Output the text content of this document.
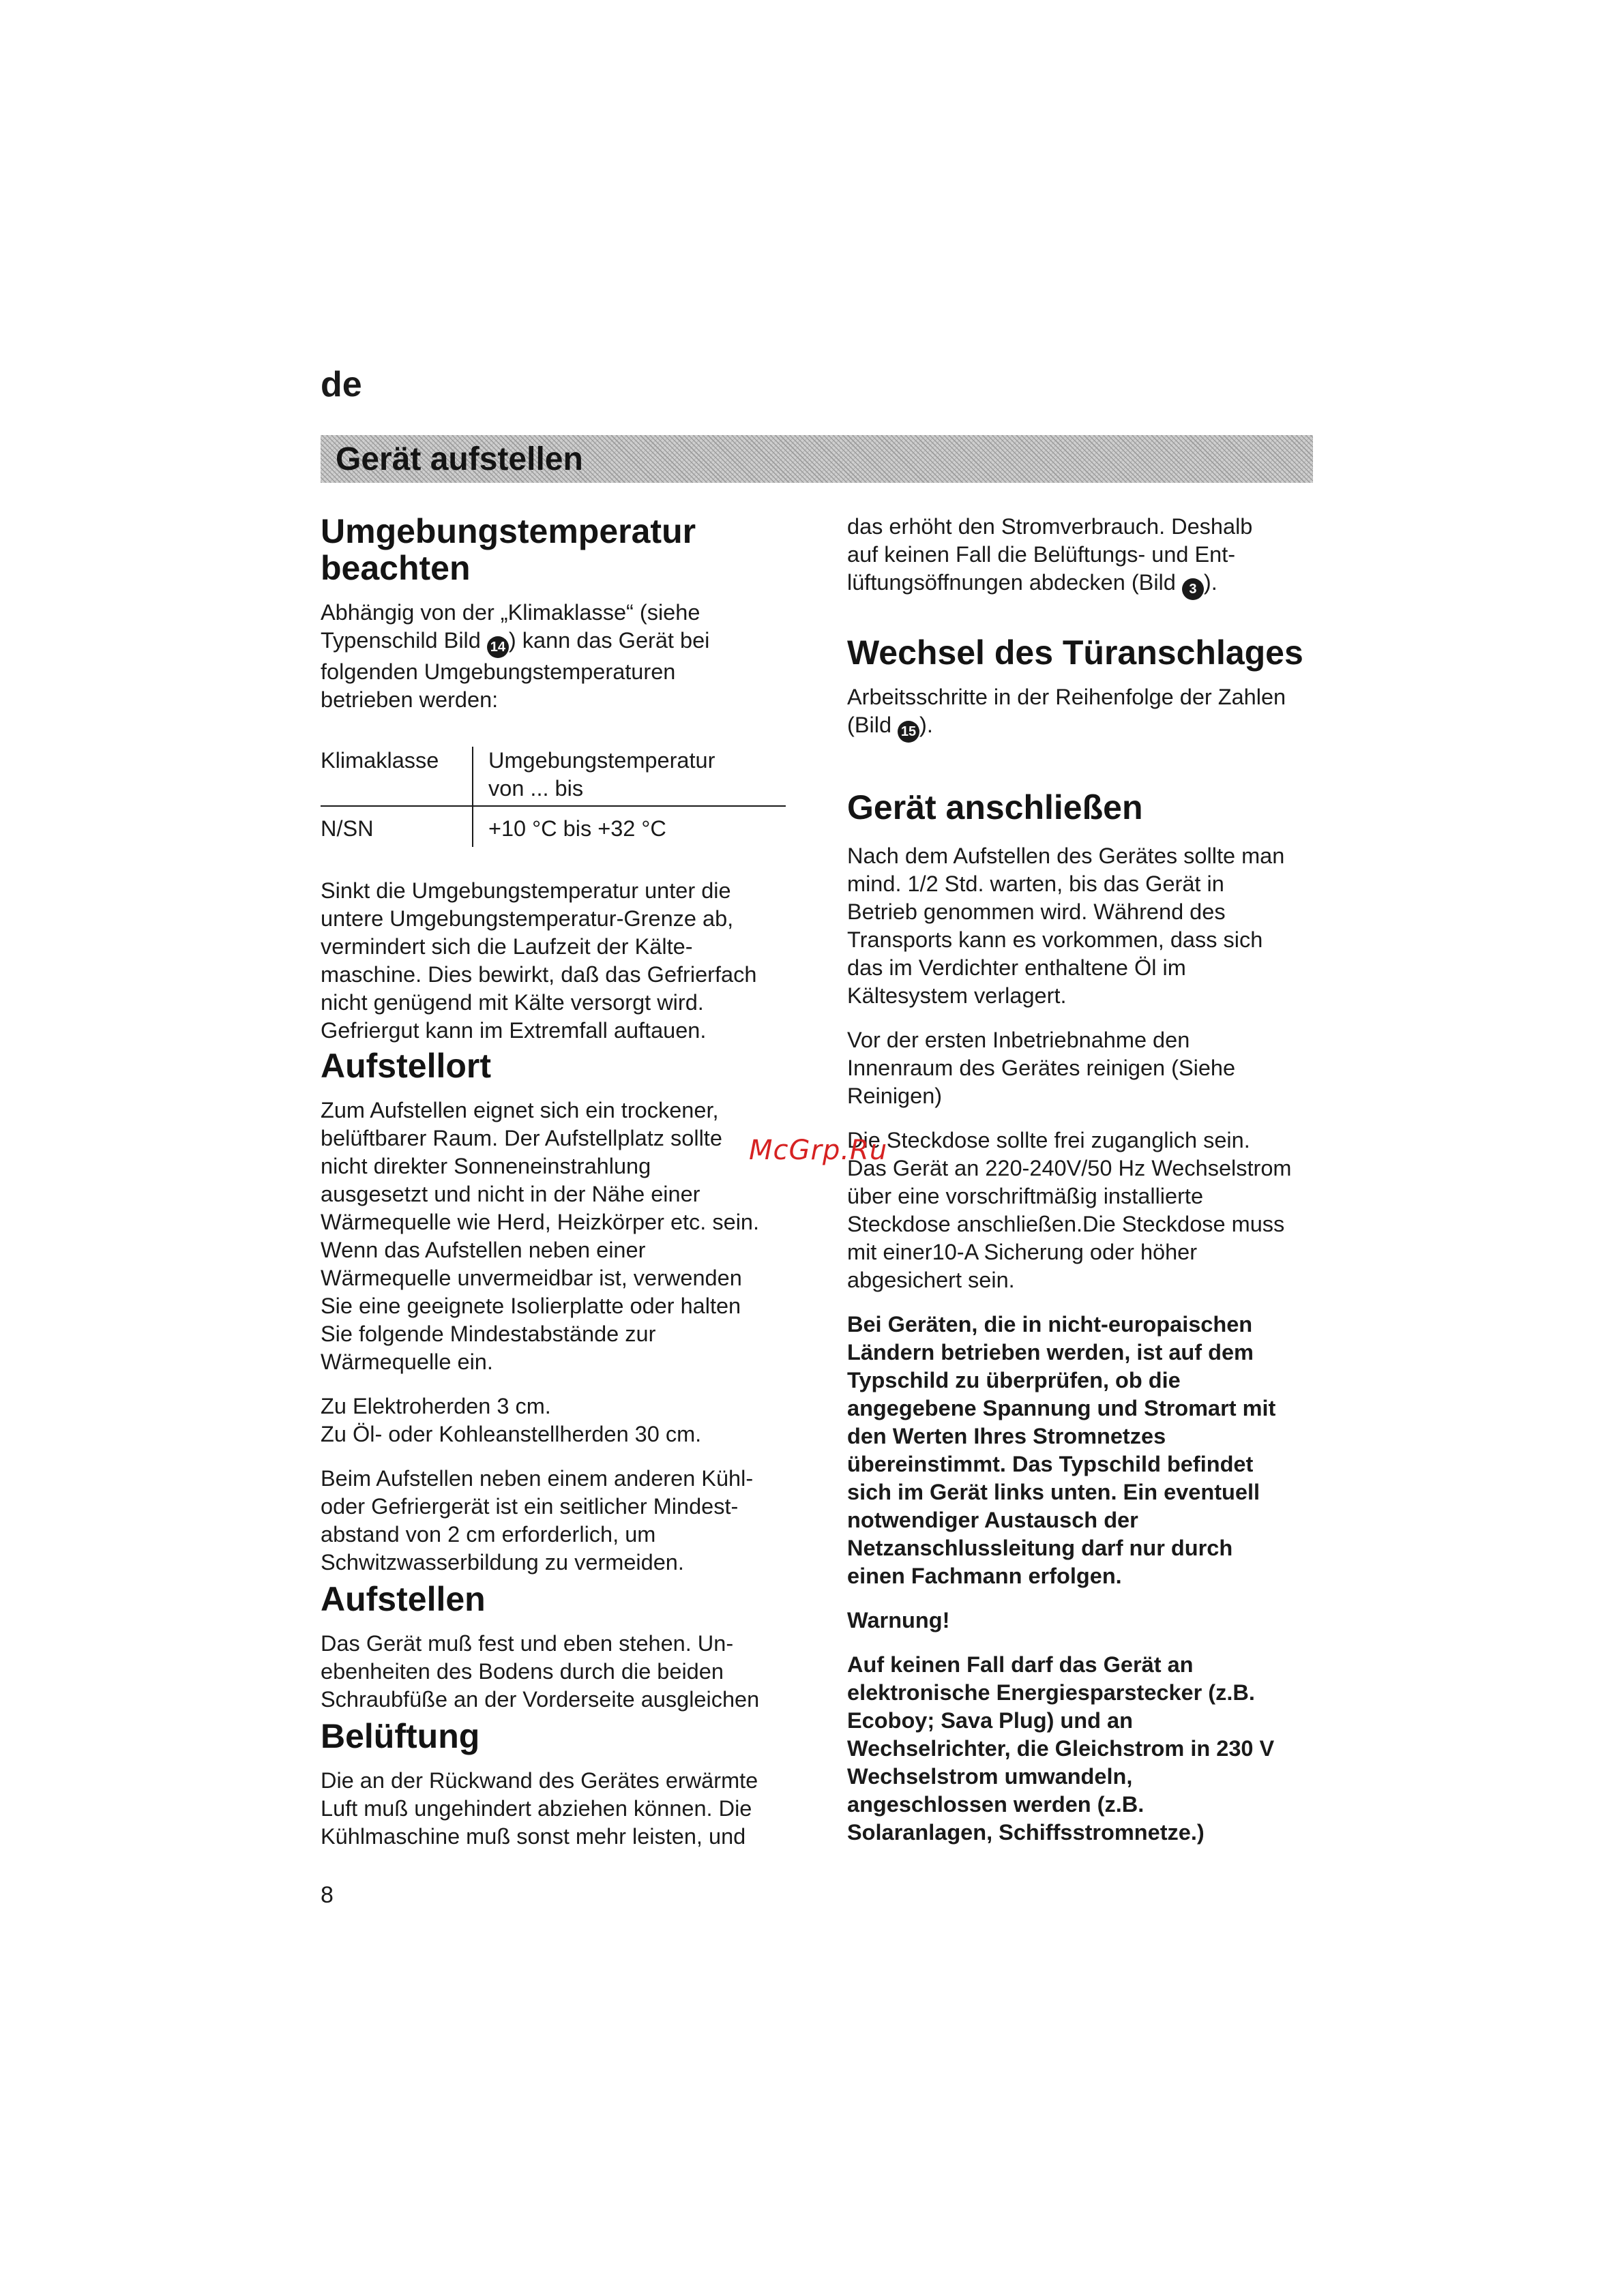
de
Gerät aufstellen
Umgebungstemperatur
beachten

Abhängig von der „Klimaklasse“ (siehe
Typenschild Bild 14 ) kann das Gerät bei
folgenden Umgebungstemperaturen
betrieben werden:

Klimaklasse	Umgebungstemperatur
von ... bis

N/SN	+10 °C bis +32 °C

Sinkt die Umgebungstemperatur unter die
untere Umgebungstemperatur-Grenze ab,
vermindert sich die Laufzeit der Kälte-
maschine. Dies bewirkt, daß das Gefrierfach
nicht genügend mit Kälte versorgt wird.
Gefriergut kann im Extremfall auftauen.

Aufstellort

Zum Aufstellen eignet sich ein trockener,
belüftbarer Raum. Der Aufstellplatz sollte
nicht direkter Sonneneinstrahlung
ausgesetzt und nicht in der Nähe einer
Wärmequelle wie Herd, Heizkörper etc. sein.
Wenn das Aufstellen neben einer
Wärmequelle unvermeidbar ist, verwenden
Sie eine geeignete Isolierplatte oder halten
Sie folgende Mindestabstände zur
Wärmequelle ein.

Zu Elektroherden 3 cm.
Zu Öl- oder Kohleanstellherden 30 cm.

Beim Aufstellen neben einem anderen Kühl-
oder Gefriergerät ist ein seitlicher Mindest-
abstand von 2 cm erforderlich, um
Schwitzwasserbildung zu vermeiden.

Aufstellen

Das Gerät muß fest und eben stehen. Un-
ebenheiten des Bodens durch die beiden
Schraubfüße an der Vorderseite ausgleichen

Belüftung

Die an der Rückwand des Gerätes erwärmte
Luft muß ungehindert abziehen können. Die
Kühlmaschine muß sonst mehr leisten, und

das erhöht den Stromverbrauch. Deshalb
auf keinen Fall die Belüftungs- und Ent-
lüftungsöffnungen abdecken (Bild 3 ).

Wechsel des Türanschlages

Arbeitsschritte in der Reihenfolge der Zahlen
(Bild 15 ).

Gerät anschließen

Nach dem Aufstellen des Gerätes sollte man
mind. 1/2 Std. warten, bis das Gerät in
Betrieb genommen wird. Während des
Transports kann es vorkommen, dass sich
das im Verdichter enthaltene Öl im
Kältesystem verlagert.

Vor der ersten Inbetriebnahme den
Innenraum des Gerätes reinigen (Siehe
Reinigen)

Die Steckdose sollte frei zuganglich sein.
Das Gerät an 220-240V/50 Hz Wechselstrom
über eine vorschriftmäßig installierte
Steckdose anschließen.Die Steckdose muss
mit einer10-A Sicherung oder höher
abgesichert sein.

Bei Geräten, die in nicht-europaischen
Ländern betrieben werden, ist auf dem
Typschild zu überprüfen, ob die
angegebene Spannung und Stromart mit
den Werten Ihres Stromnetzes
übereinstimmt. Das Typschild befindet
sich im Gerät links unten. Ein eventuell
notwendiger Austausch der
Netzanschlussleitung darf nur durch
einen Fachmann erfolgen.

Warnung!

Auf keinen Fall darf das Gerät an
elektronische Energiesparstecker (z.B.
Ecoboy; Sava Plug) und an
Wechselrichter, die Gleichstrom in 230 V
Wechselstrom umwandeln,
angeschlossen werden (z.B.
Solaranlagen, Schiffsstromnetze.)

McGrp.Ru
8
